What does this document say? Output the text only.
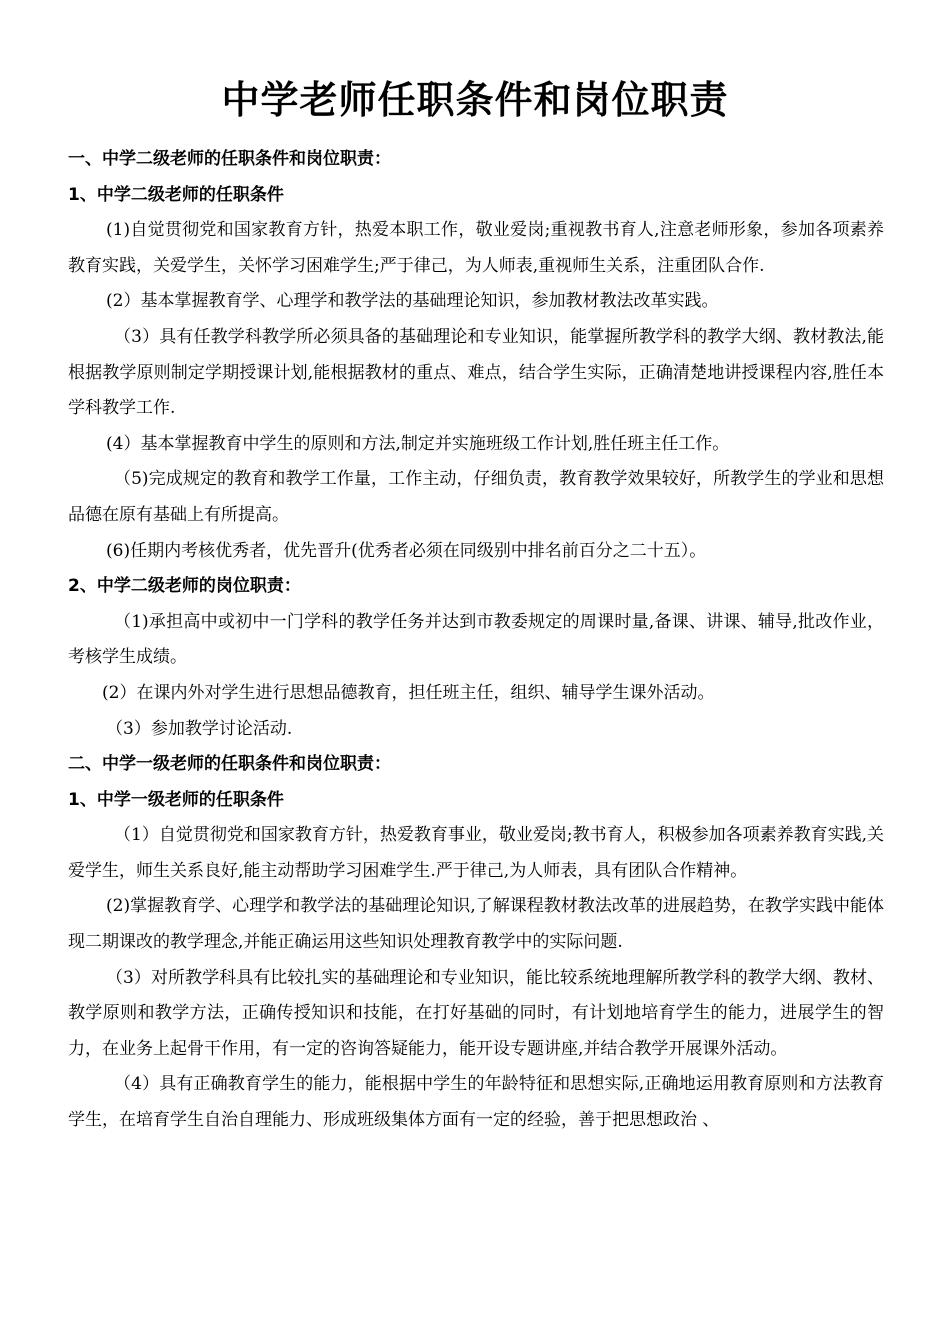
中学老师任职条件和岗位职责

一、中学二级老师的任职条件和岗位职责：

1、中学二级老师的任职条件

(1)自觉贯彻党和国家教育方针，热爱本职工作，敬业爱岗;重视教书育人,注意老师形象，参加各项素养教育实践，关爱学生，关怀学习困难学生;严于律己，为人师表,重视师生关系，注重团队合作.

(2）基本掌握教育学、心理学和教学法的基础理论知识，参加教材教法改革实践。

（3）具有任教学科教学所必须具备的基础理论和专业知识，能掌握所教学科的教学大纲、教材教法,能根据教学原则制定学期授课计划,能根据教材的重点、难点，结合学生实际，正确清楚地讲授课程内容,胜任本学科教学工作.

(4）基本掌握教育中学生的原则和方法,制定并实施班级工作计划,胜任班主任工作。

（5)完成规定的教育和教学工作量，工作主动，仔细负责，教育教学效果较好，所教学生的学业和思想品德在原有基础上有所提高。

(6)任期内考核优秀者，优先晋升(优秀者必须在同级别中排名前百分之二十五）。

2、中学二级老师的岗位职责：

（1)承担高中或初中一门学科的教学任务并达到市教委规定的周课时量,备课、讲课、辅导,批改作业，考核学生成绩。

(2）在课内外对学生进行思想品德教育，担任班主任，组织、辅导学生课外活动。

（3）参加教学讨论活动.

二、中学一级老师的任职条件和岗位职责：

1、中学一级老师的任职条件

（1）自觉贯彻党和国家教育方针，热爱教育事业，敬业爱岗;教书育人，积极参加各项素养教育实践,关爱学生，师生关系良好,能主动帮助学习困难学生.严于律己,为人师表，具有团队合作精神。

(2)掌握教育学、心理学和教学法的基础理论知识,了解课程教材教法改革的进展趋势，在教学实践中能体现二期课改的教学理念,并能正确运用这些知识处理教育教学中的实际问题.

（3）对所教学科具有比较扎实的基础理论和专业知识，能比较系统地理解所教学科的教学大纲、教材、教学原则和教学方法，正确传授知识和技能，在打好基础的同时，有计划地培育学生的能力，进展学生的智力，在业务上起骨干作用，有一定的咨询答疑能力，能开设专题讲座,并结合教学开展课外活动。

（4）具有正确教育学生的能力，能根据中学生的年龄特征和思想实际,正确地运用教育原则和方法教育学生，在培育学生自治自理能力、形成班级集体方面有一定的经验，善于把思想政治 、
